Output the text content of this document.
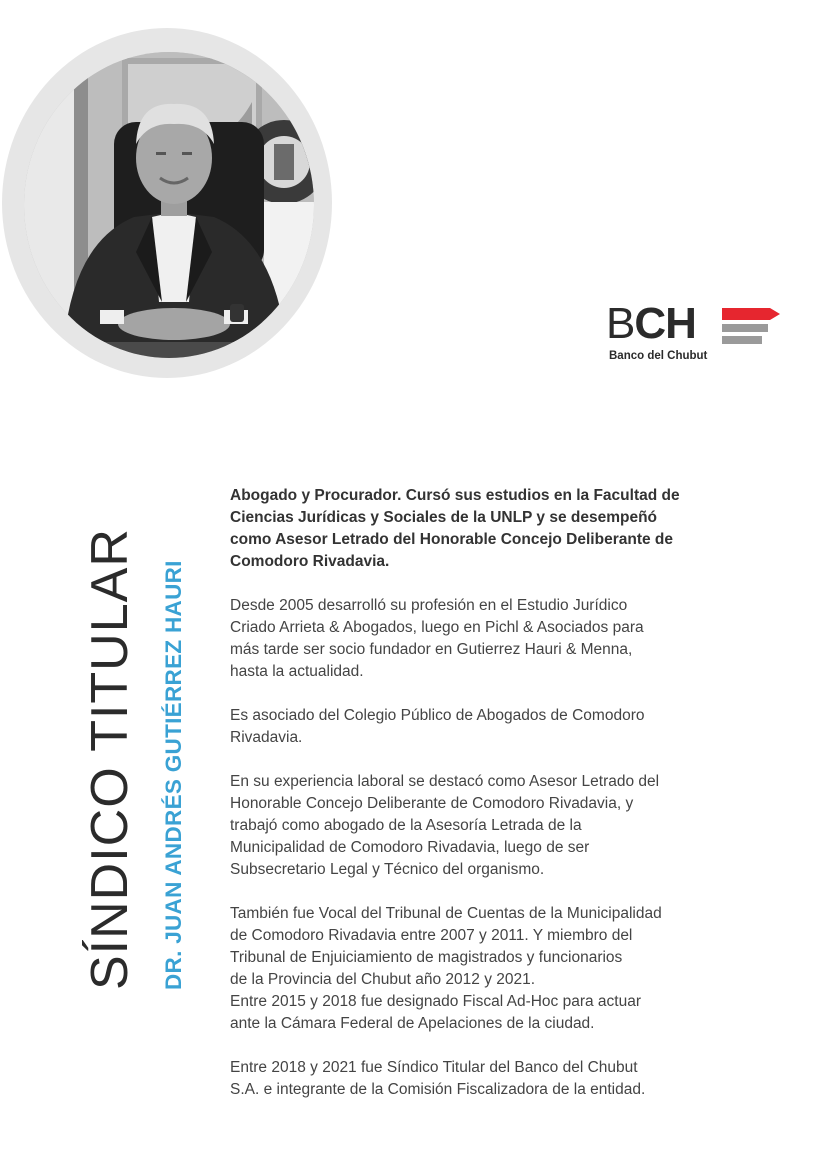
BCH
Banco del Chubut
SÍNDICO TITULAR DR. JUAN ANDRÉS GUTIÉRREZ HAURI

Abogado y Procurador. Cursó sus estudios en la Facultad de
Ciencias Jurídicas y Sociales de la UNLP y se desempeñó
como Asesor Letrado del Honorable Concejo Deliberante de
Comodoro Rivadavia.

Desde 2005 desarrolló su profesión en el Estudio Jurídico
Criado Arrieta & Abogados, luego en Pichl & Asociados para
más tarde ser socio fundador en Gutierrez Hauri & Menna,
hasta la actualidad.

Es asociado del Colegio Público de Abogados de Comodoro
Rivadavia.

En su experiencia laboral se destacó como Asesor Letrado del
Honorable Concejo Deliberante de Comodoro Rivadavia, y
trabajó como abogado de la Asesoría Letrada de la
Municipalidad de Comodoro Rivadavia, luego de ser
Subsecretario Legal y Técnico del organismo.

También fue Vocal del Tribunal de Cuentas de la Municipalidad
de Comodoro Rivadavia entre 2007 y 2011. Y miembro del
Tribunal de Enjuiciamiento de magistrados y funcionarios
de la Provincia del Chubut año 2012 y 2021.
Entre 2015 y 2018 fue designado Fiscal Ad-Hoc para actuar
ante la Cámara Federal de Apelaciones de la ciudad.

Entre 2018 y 2021 fue Síndico Titular del Banco del Chubut
S.A. e integrante de la Comisión Fiscalizadora de la entidad.
